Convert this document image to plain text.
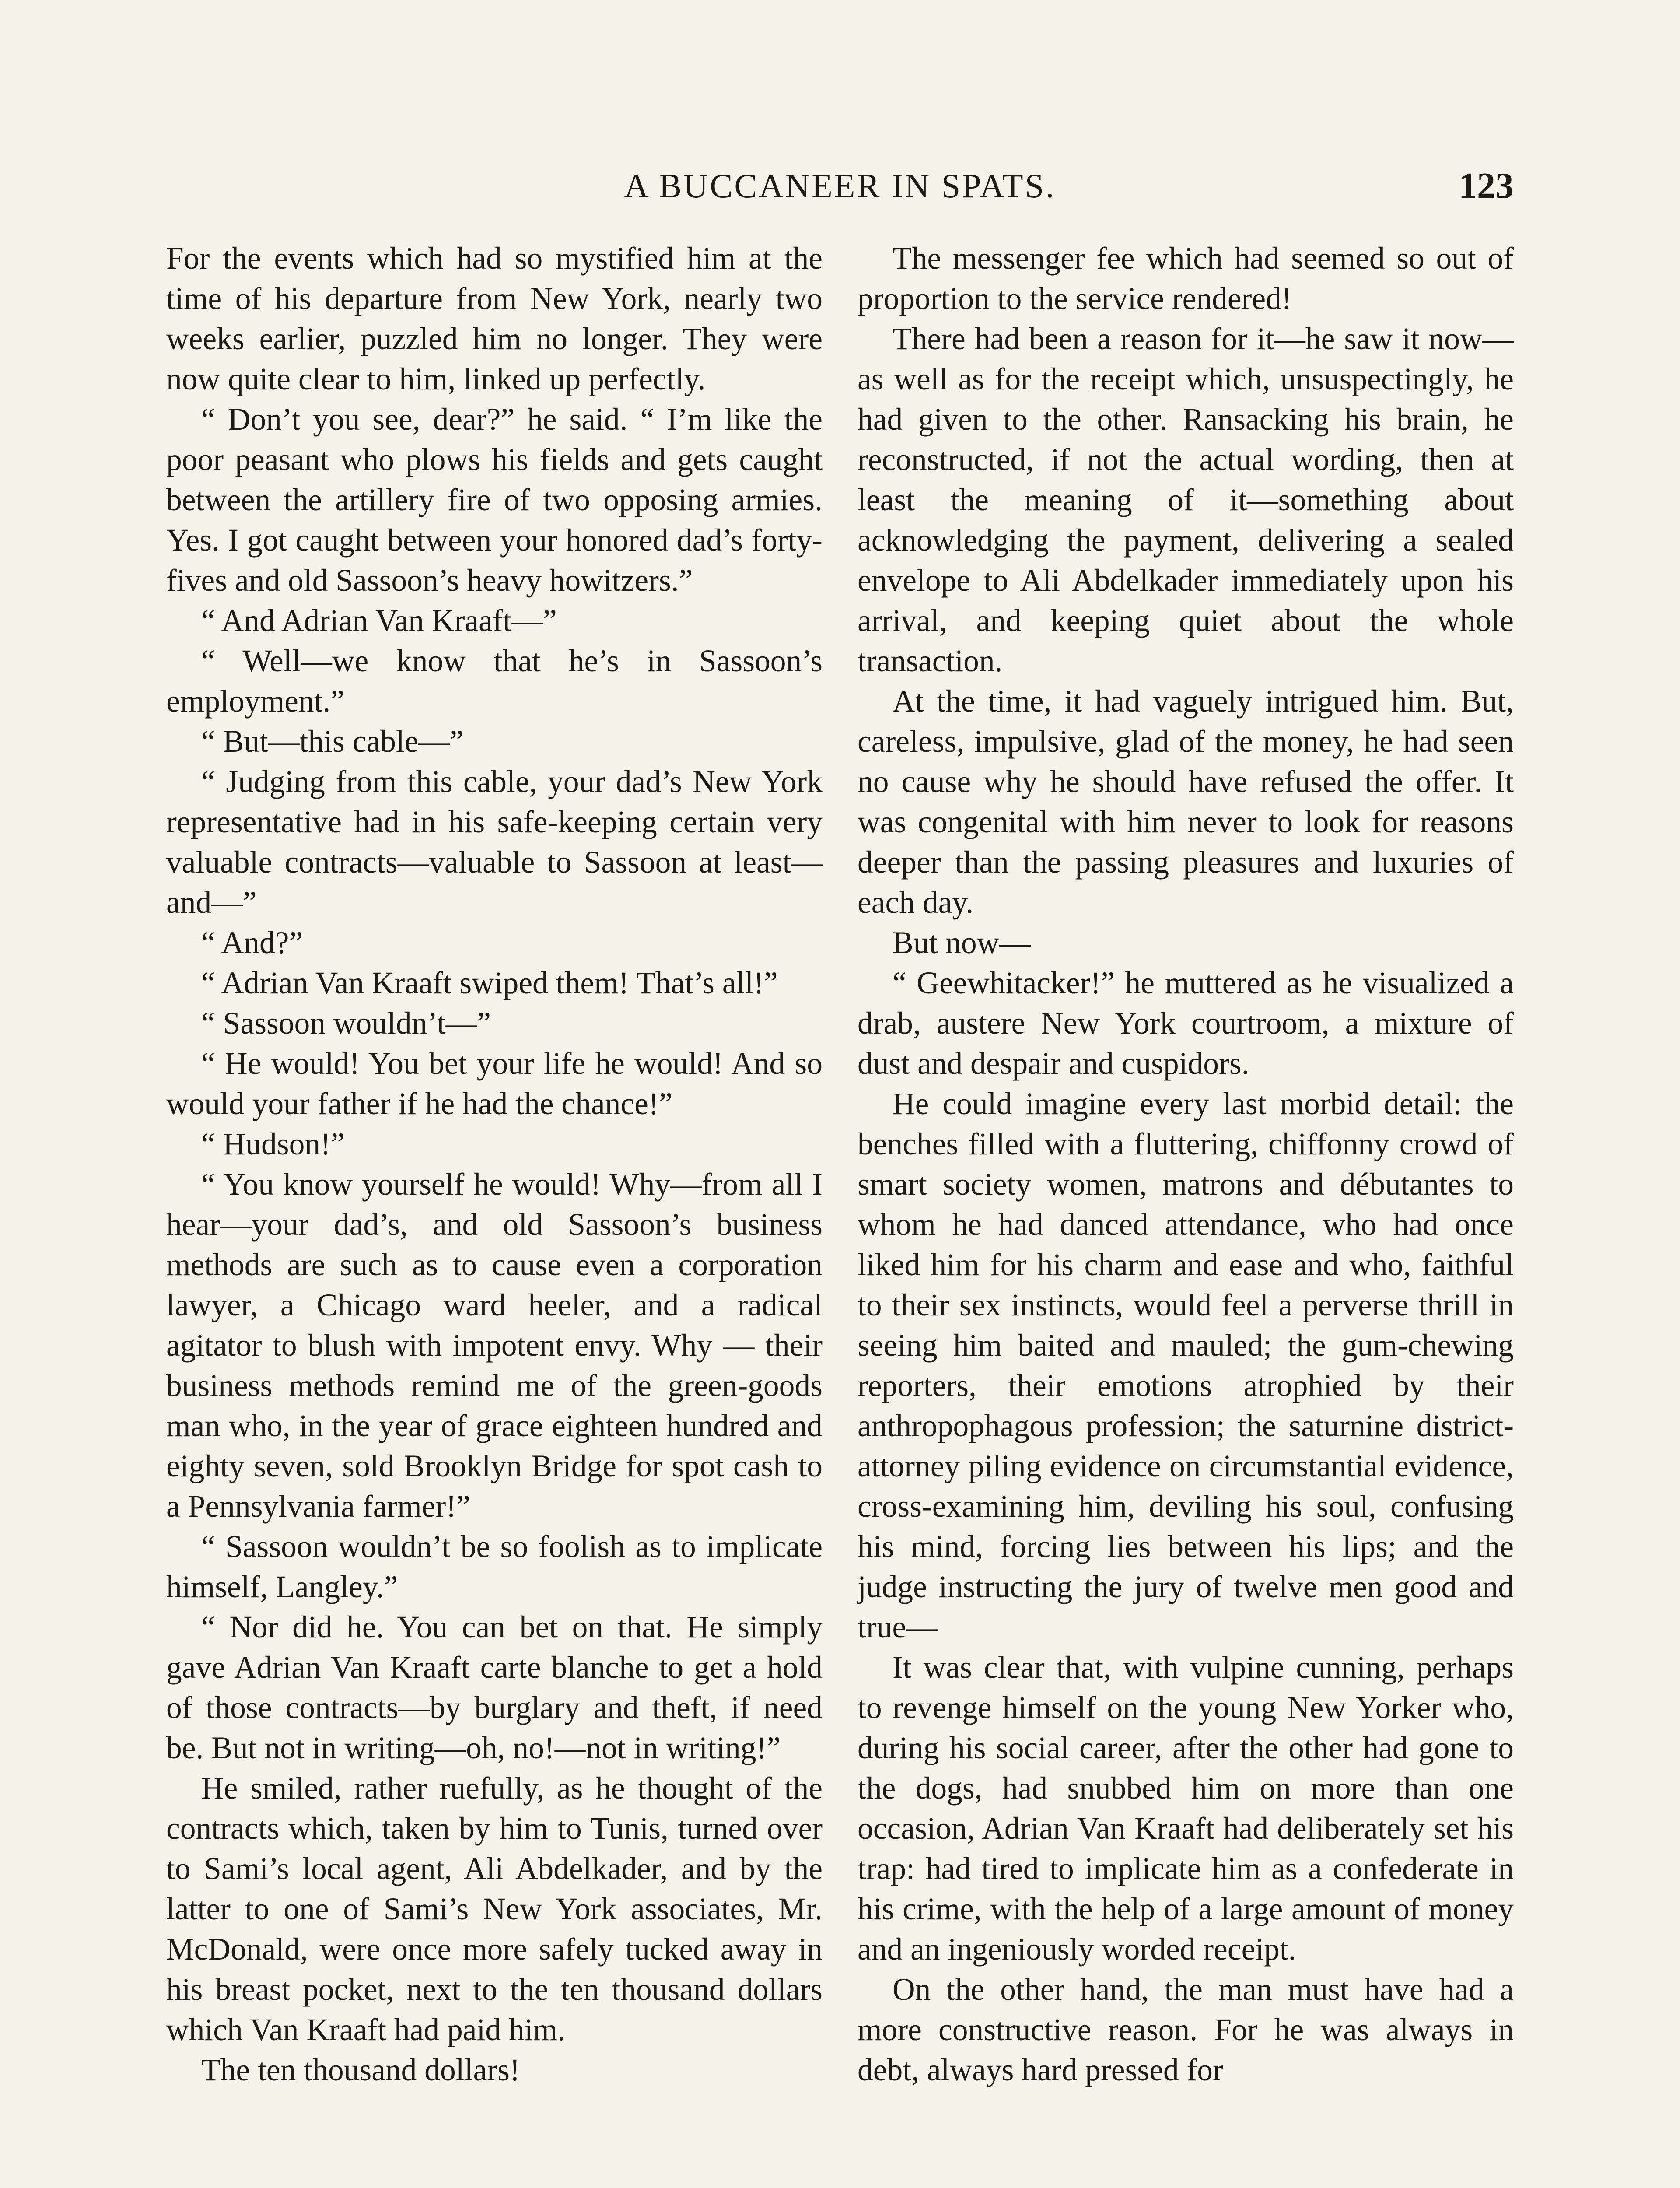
A BUCCANEER IN SPATS.	123

For the events which had so mystified him at the time of his departure from New York, nearly two weeks earlier, puzzled him no longer. They were now quite clear to him, linked up perfectly.

“ Don’t you see, dear?” he said. “ I’m like the poor peasant who plows his fields and gets caught between the artillery fire of two opposing armies. Yes. I got caught between your honored dad’s forty-fives and old Sassoon’s heavy howitzers.”

“ And Adrian Van Kraaft—”

“ Well—we know that he’s in Sassoon’s employment.”

“ But—this cable—”

“ Judging from this cable, your dad’s New York representative had in his safe-keeping certain very valuable contracts—valuable to Sassoon at least—and—”

“ And?”

“ Adrian Van Kraaft swiped them! That’s all!”

“ Sassoon wouldn’t—”

“ He would! You bet your life he would! And so would your father if he had the chance!”

“ Hudson!”

“ You know yourself he would! Why—from all I hear—your dad’s, and old Sassoon’s business methods are such as to cause even a corporation lawyer, a Chicago ward heeler, and a radical agitator to blush with impotent envy. Why — their business methods remind me of the green-goods man who, in the year of grace eighteen hundred and eighty seven, sold Brooklyn Bridge for spot cash to a Pennsylvania farmer!”

“ Sassoon wouldn’t be so foolish as to implicate himself, Langley.”

“ Nor did he. You can bet on that. He simply gave Adrian Van Kraaft carte blanche to get a hold of those contracts—by burglary and theft, if need be. But not in writing—oh, no!—not in writing!”

He smiled, rather ruefully, as he thought of the contracts which, taken by him to Tunis, turned over to Sami’s local agent, Ali Abdelkader, and by the latter to one of Sami’s New York associates, Mr. McDonald, were once more safely tucked away in his breast pocket, next to the ten thousand dollars which Van Kraaft had paid him.

The ten thousand dollars!

The messenger fee which had seemed so out of proportion to the service rendered!

There had been a reason for it—he saw it now—as well as for the receipt which, unsuspectingly, he had given to the other. Ransacking his brain, he reconstructed, if not the actual wording, then at least the meaning of it—something about acknowledging the payment, delivering a sealed envelope to Ali Abdelkader immediately upon his arrival, and keeping quiet about the whole transaction.

At the time, it had vaguely intrigued him. But, careless, impulsive, glad of the money, he had seen no cause why he should have refused the offer. It was congenital with him never to look for reasons deeper than the passing pleasures and luxuries of each day.

But now—

“ Geewhitacker!” he muttered as he visualized a drab, austere New York courtroom, a mixture of dust and despair and cuspidors.

He could imagine every last morbid detail: the benches filled with a fluttering, chiffonny crowd of smart society women, matrons and débutantes to whom he had danced attendance, who had once liked him for his charm and ease and who, faithful to their sex instincts, would feel a perverse thrill in seeing him baited and mauled; the gum-chewing reporters, their emotions atrophied by their anthropophagous profession; the saturnine district-attorney piling evidence on circumstantial evidence, cross-examining him, deviling his soul, confusing his mind, forcing lies between his lips; and the judge instructing the jury of twelve men good and true—

It was clear that, with vulpine cunning, perhaps to revenge himself on the young New Yorker who, during his social career, after the other had gone to the dogs, had snubbed him on more than one occasion, Adrian Van Kraaft had deliberately set his trap: had tired to implicate him as a confederate in his crime, with the help of a large amount of money and an ingeniously worded receipt.

On the other hand, the man must have had a more constructive reason. For he was always in debt, always hard pressed for
